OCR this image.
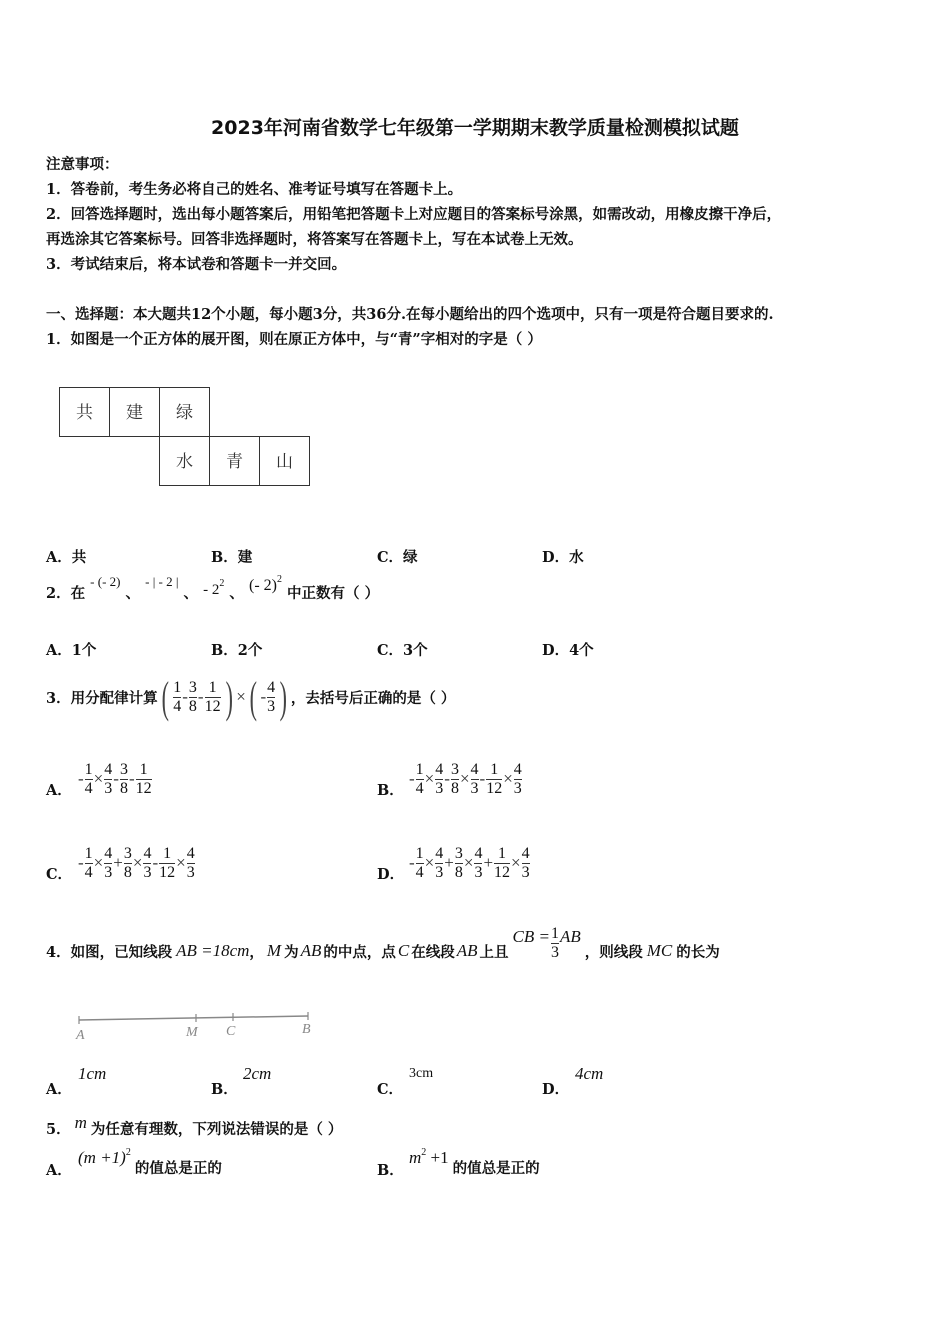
2023年河南省数学七年级第一学期期末教学质量检测模拟试题
注意事项：
1．答卷前，考生务必将自己的姓名、准考证号填写在答题卡上。
2．回答选择题时，选出每小题答案后，用铅笔把答题卡上对应题目的答案标号涂黑，如需改动，用橡皮擦干净后，
再选涂其它答案标号。回答非选择题时，将答案写在答题卡上，写在本试卷上无效。
3．考试结束后，将本试卷和答题卡一并交回。
一、选择题：本大题共12个小题，每小题3分，共36分.在每小题给出的四个选项中，只有一项是符合题目要求的.
1．如图是一个正方体的展开图，则在原正方体中，与“青”字相对的字是（ ）
共	建	绿		
		水	青	山
A．共	B．建	C．绿	D．水
2．在 - (- 2) 、 - | - 2 | 、 - $2^2$ 、 (- 2)$^2$ 中正数有（ ）
A．1个	B．2个	C．3个	D．4个
3．用分配律计算 ( $\frac{1}{4} - \frac{3}{8} - \frac{1}{12}$ ) × ( - $\frac{4}{3}$ ) ，去括号后正确的是（ ）
A．
- $\frac{1}{4} \times \frac{4}{3} - \frac{3}{8} - \frac{1}{12}$	B．
- $\frac{1}{4} \times \frac{4}{3} - \frac{3}{8} \times \frac{4}{3} - \frac{1}{12} \times \frac{4}{3}$
C．
- $\frac{1}{4} \times \frac{4}{3} + \frac{3}{8} \times \frac{4}{3} - \frac{1}{12} \times \frac{4}{3}$	D．
- $\frac{1}{4} \times \frac{4}{3} + \frac{3}{8} \times \frac{4}{3} + \frac{1}{12} \times \frac{4}{3}$
4．如图，已知线段 AB =18cm ， M 为 AB 的中点，点 C 在线段 AB 上且
CB = $\frac{1}{3}$ AB
，则线段 MC 的长为
A	M C	B
A．
1cm
B．
2cm
C．
3cm
D．
4cm
5． m 为任意有理数，下列说法错误的是（ ）
A．
$(m +1)^2$
的值总是正的	B．
$m^2 +1$
的值总是正的
